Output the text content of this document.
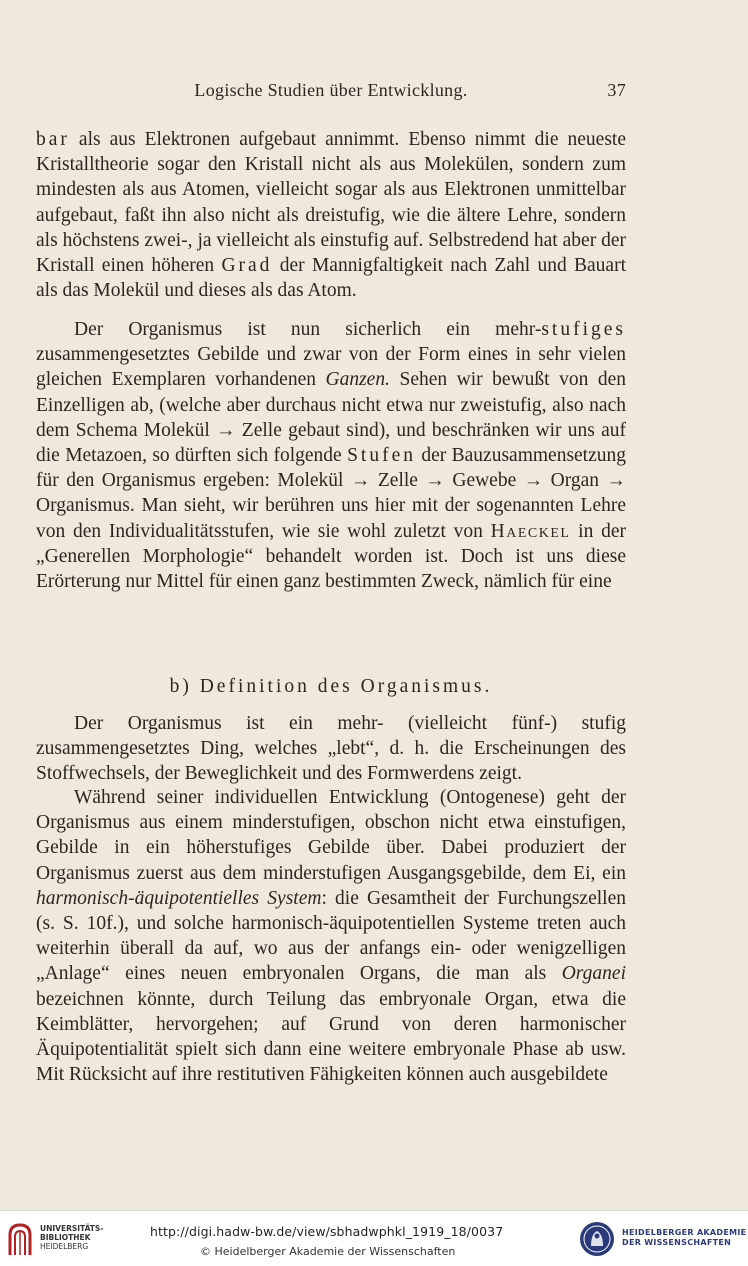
Logische Studien über Entwicklung.	37

bar als aus Elektronen aufgebaut annimmt. Ebenso nimmt die neueste Kristalltheorie sogar den Kristall nicht als aus Molekülen, sondern zum mindesten als aus Atomen, vielleicht sogar als aus Elektronen unmittelbar aufgebaut, faßt ihn also nicht als dreistufig, wie die ältere Lehre, sondern als höchstens zwei-, ja vielleicht als einstufig auf. Selbstredend hat aber der Kristall einen höheren Grad der Mannigfaltigkeit nach Zahl und Bauart als das Molekül und dieses als das Atom.

Der Organismus ist nun sicherlich ein mehr-stufiges zusammengesetztes Gebilde und zwar von der Form eines in sehr vielen gleichen Exemplaren vorhandenen Ganzen. Sehen wir bewußt von den Einzelligen ab, (welche aber durchaus nicht etwa nur zweistufig, also nach dem Schema Molekül → Zelle gebaut sind), und beschränken wir uns auf die Metazoen, so dürften sich folgende Stufen der Bauzusammensetzung für den Organismus ergeben: Molekül → Zelle → Gewebe → Organ → Organismus. Man sieht, wir berühren uns hier mit der sogenannten Lehre von den Individualitätsstufen, wie sie wohl zuletzt von Haeckel in der „Generellen Morphologie“ behandelt worden ist. Doch ist uns diese Erörterung nur Mittel für einen ganz bestimmten Zweck, nämlich für eine

b) Definition des Organismus.

Der Organismus ist ein mehr- (vielleicht fünf-) stufig zusammengesetztes Ding, welches „lebt“, d. h. die Erscheinungen des Stoffwechsels, der Beweglichkeit und des Formwerdens zeigt.

Während seiner individuellen Entwicklung (Ontogenese) geht der Organismus aus einem minderstufigen, obschon nicht etwa einstufigen, Gebilde in ein höherstufiges Gebilde über. Dabei produziert der Organismus zuerst aus dem minderstufigen Ausgangsgebilde, dem Ei, ein harmonisch-äquipotentielles System: die Gesamtheit der Furchungszellen (s. S. 10f.), und solche harmonisch-äquipotentiellen Systeme treten auch weiterhin überall da auf, wo aus der anfangs ein- oder wenigzelligen „Anlage“ eines neuen embryonalen Organs, die man als Organei bezeichnen könnte, durch Teilung das embryonale Organ, etwa die Keimblätter, hervorgehen; auf Grund von deren harmonischer Äquipotentialität spielt sich dann eine weitere embryonale Phase ab usw. Mit Rücksicht auf ihre restitutiven Fähigkeiten können auch ausgebildete

UNIVERSITÄTS-
BIBLIOTHEK
HEIDELBERG
http://digi.hadw-bw.de/view/sbhadwphkl_1919_18/0037
© Heidelberger Akademie der Wissenschaften
HEIDELBERGER AKADEMIE
DER WISSENSCHAFTEN
